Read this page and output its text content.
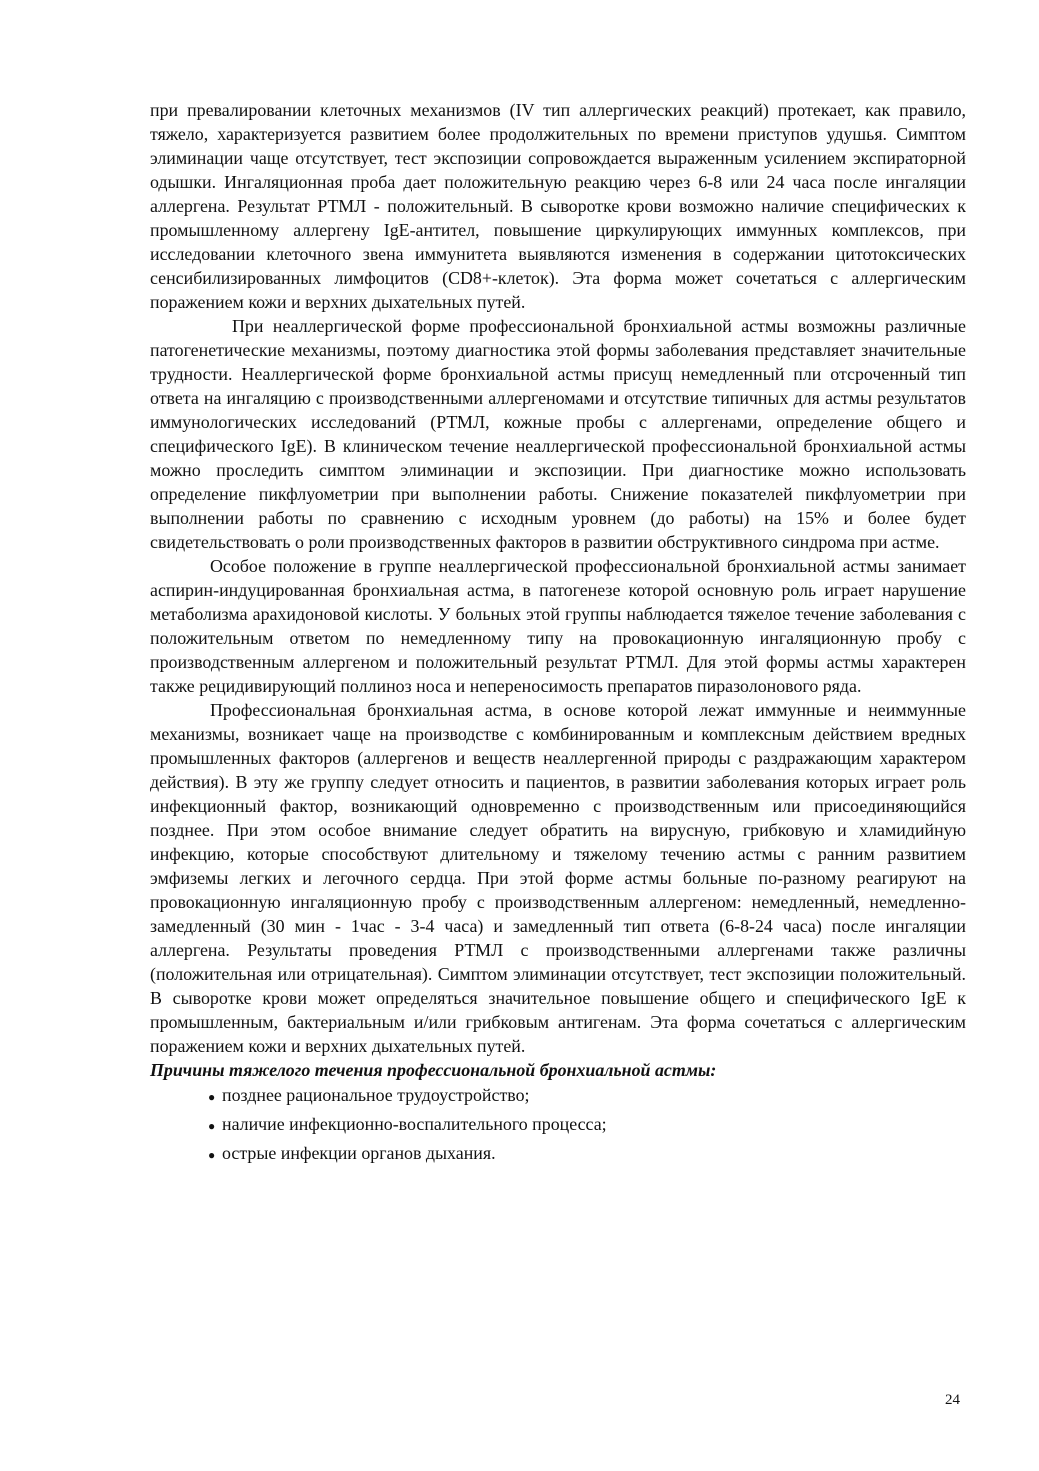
при превалировании клеточных механизмов (IV тип аллергических реакций) протекает, как правило, тяжело, характеризуется развитием более продолжительных по времени приступов удушья. Симптом элиминации чаще отсутствует, тест экспозиции сопровождается выраженным усилением экспираторной одышки. Ингаляционная проба дает положительную реакцию через 6-8 или 24 часа после ингаляции аллергена. Результат РТМЛ - положительный. В сыворотке крови возможно наличие специфических к промышленному аллергену IgE-антител, повышение циркулирующих иммунных комплексов, при исследовании клеточного звена иммунитета выявляются изменения в содержании цитотоксических сенсибилизированных лимфоцитов (CD8+-клеток). Эта форма может сочетаться с аллергическим поражением кожи и верхних дыхательных путей.

При неаллергической форме профессиональной бронхиальной астмы возможны различные патогенетические механизмы, поэтому диагностика этой формы заболевания представляет значительные трудности. Неаллергической форме бронхиальной астмы присущ немедленный пли отсроченный тип ответа на ингаляцию с производственными аллергеномами и отсутствие типичных для астмы результатов иммунологических исследований (РТМЛ, кожные пробы с аллергенами, определение общего и специфического IgE). В клиническом течение неаллергической профессиональной бронхиальной астмы можно проследить симптом элиминации и экспозиции. При диагностике можно использовать определение пикфлуометрии при выполнении работы. Снижение показателей пикфлуометрии при выполнении работы по сравнению с исходным уровнем (до работы) на 15% и более будет свидетельствовать о роли производственных факторов в развитии обструктивного синдрома при астме.

Особое положение в группе неаллергической профессиональной бронхиальной астмы занимает аспирин-индуцированная бронхиальная астма, в патогенезе которой основную роль играет нарушение метаболизма арахидоновой кислоты. У больных этой группы наблюдается тяжелое течение заболевания с положительным ответом по немедленному типу на провокационную ингаляционную пробу с производственным аллергеном и положительный результат РТМЛ. Для этой формы астмы характерен также рецидивирующий поллиноз носа и непереносимость препаратов пиразолонового ряда.

Профессиональная бронхиальная астма, в основе которой лежат иммунные и неиммунные механизмы, возникает чаще на производстве с комбинированным и комплексным действием вредных промышленных факторов (аллергенов и веществ неаллергенной природы с раздражающим характером действия). В эту же группу следует относить и пациентов, в развитии заболевания которых играет роль инфекционный фактор, возникающий одновременно с производственным или присоединяющийся позднее. При этом особое внимание следует обратить на вирусную, грибковую и хламидийную инфекцию, которые способствуют длительному и тяжелому течению астмы с ранним развитием эмфиземы легких и легочного сердца. При этой форме астмы больные по-разному реагируют на провокационную ингаляционную пробу с производственным аллергеном: немедленный, немедленно-замедленный (30 мин - 1час - 3-4 часа) и замедленный тип ответа (6-8-24 часа) после ингаляции аллергена. Результаты проведения РТМЛ с производственными аллергенами также различны (положительная или отрицательная). Симптом элиминации отсутствует, тест экспозиции положительный. В сыворотке крови может определяться значительное повышение общего и специфического IgE к промышленным, бактериальным и/или грибковым антигенам. Эта форма сочетаться с аллергическим поражением кожи и верхних дыхательных путей.

Причины тяжелого течения профессиональной бронхиальной астмы:

● позднее рациональное трудоустройство;
● наличие инфекционно-воспалительного процесса;
● острые инфекции органов дыхания.
24
